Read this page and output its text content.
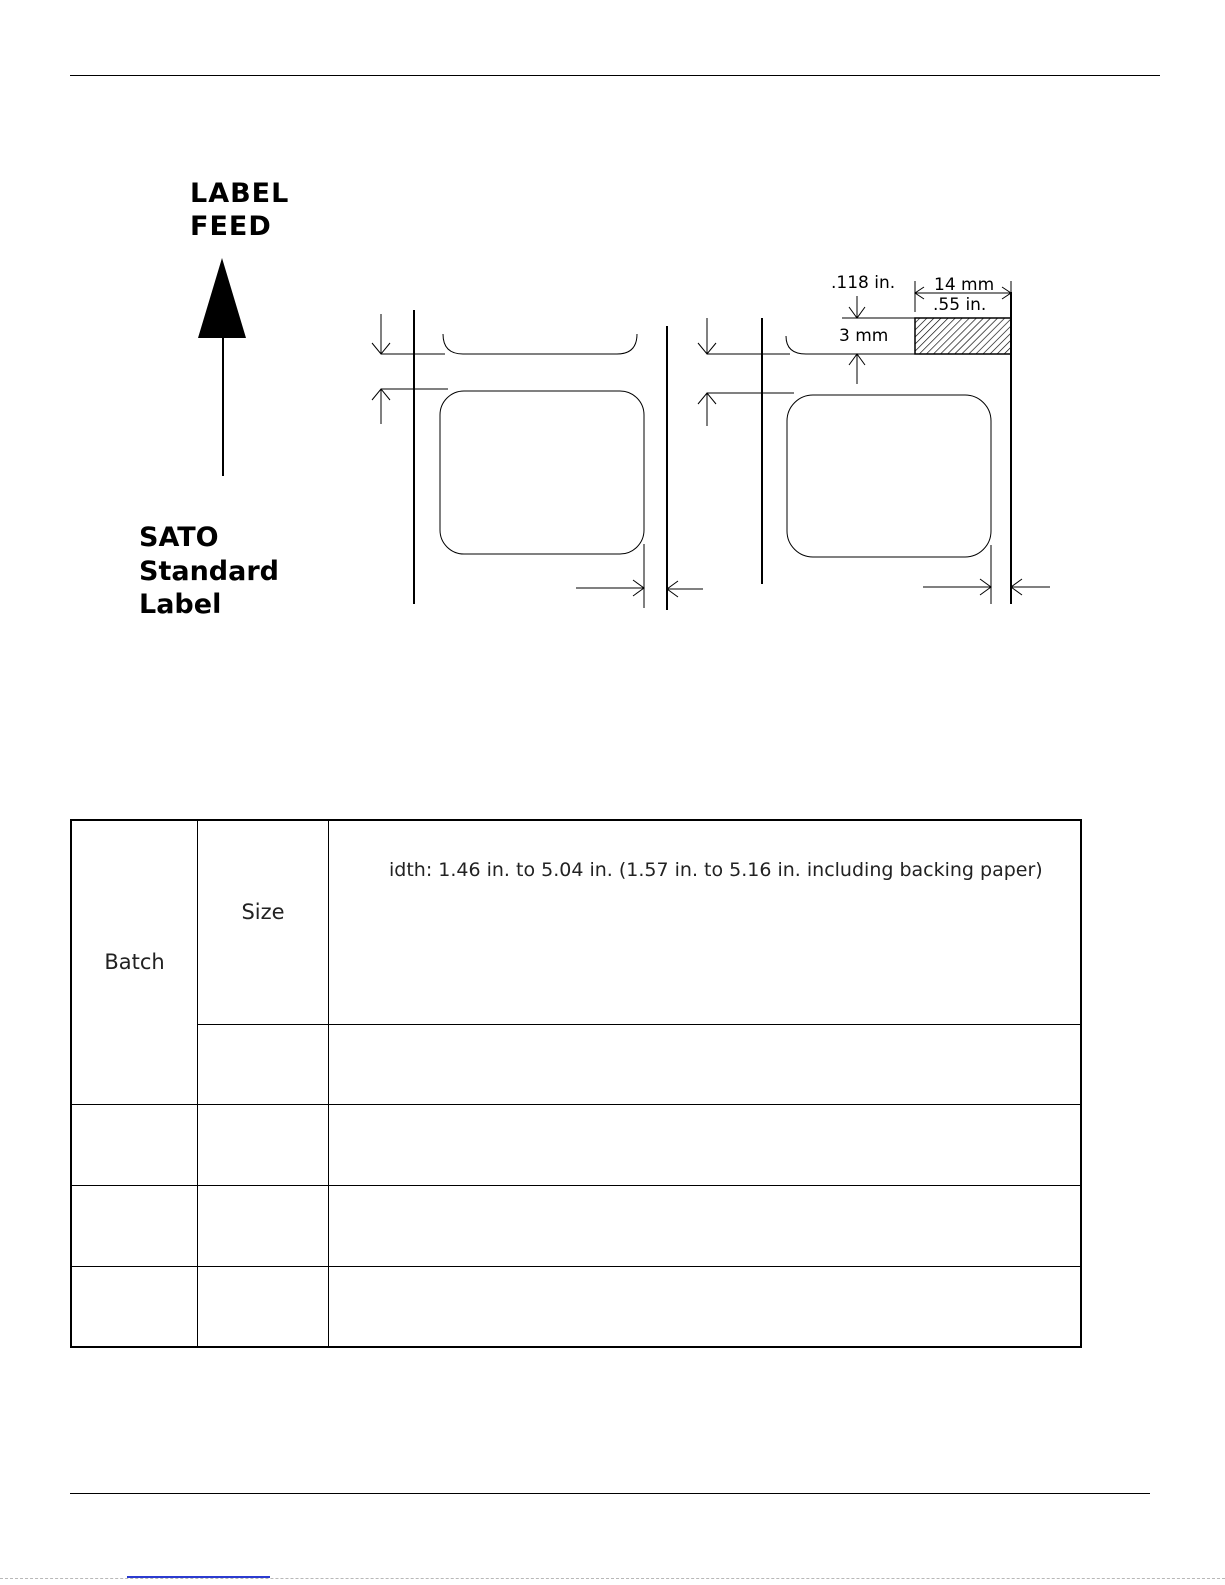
LABEL
FEED
SATO
Standard
Label
.118 in.
3 mm
14 mm
.55 in.
Batch	Size	idth: 1.46 in. to 5.04 in. (1.57 in. to 5.16 in. including backing paper)
